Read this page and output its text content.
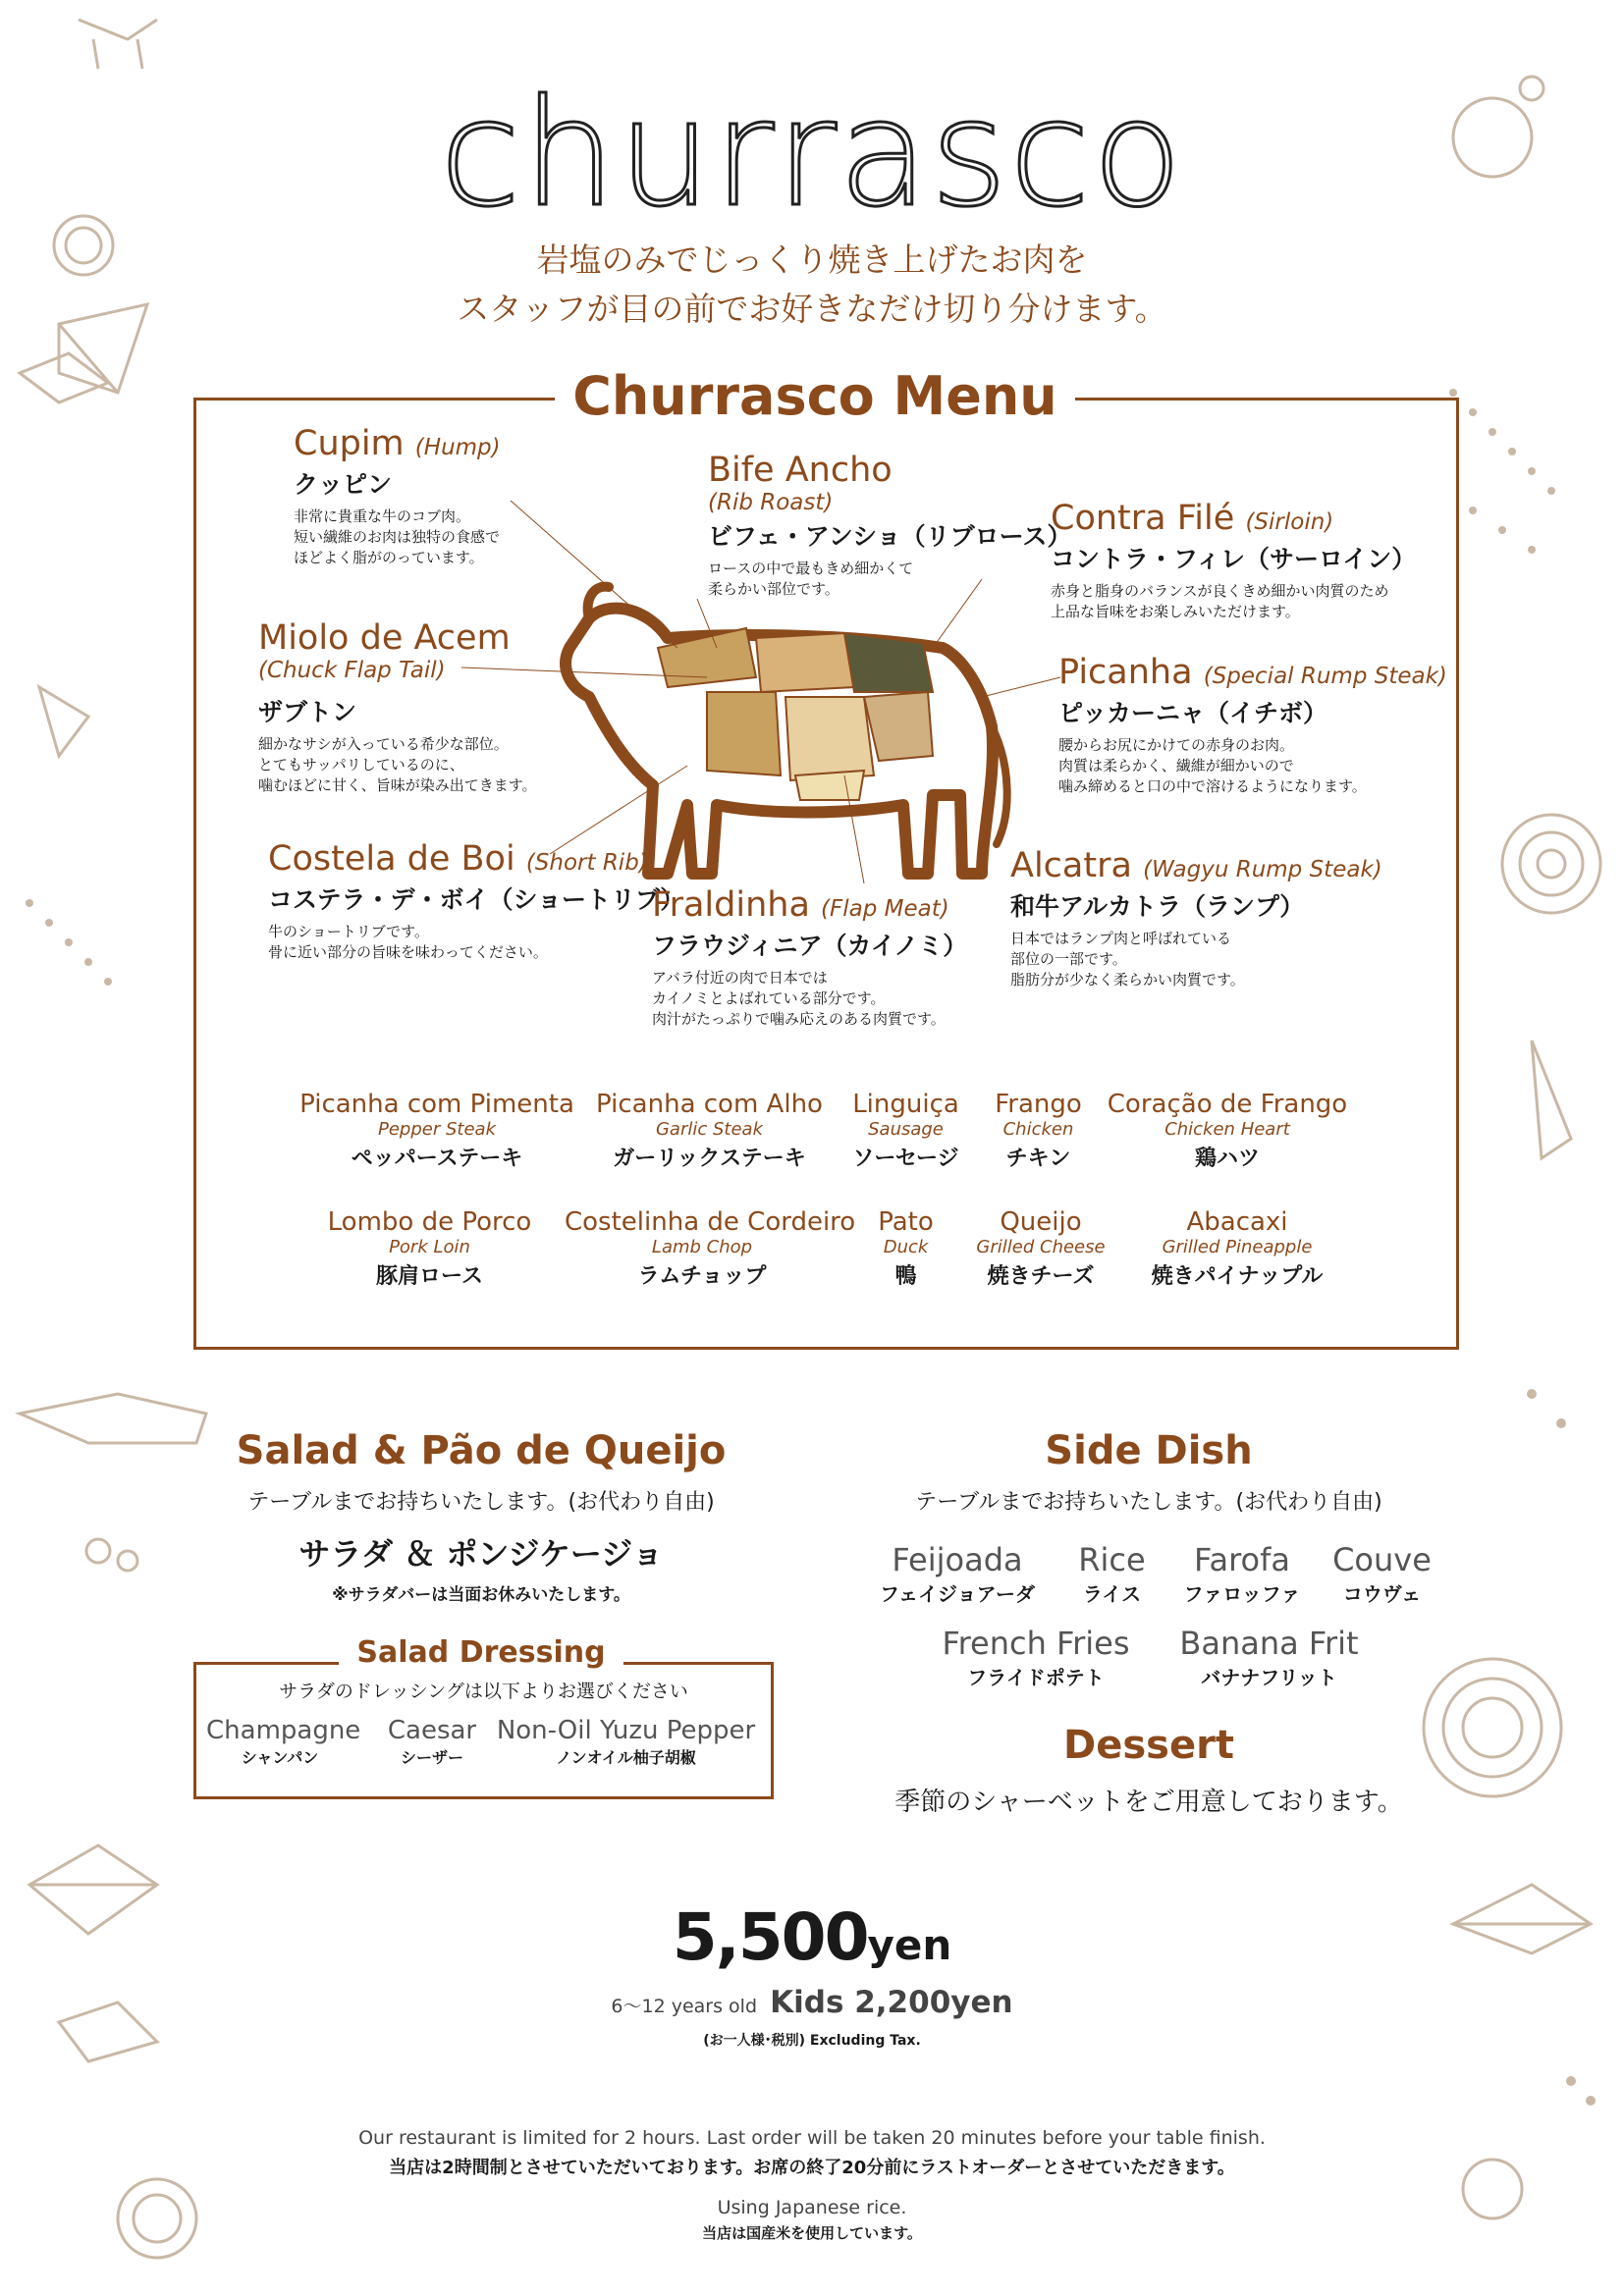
churrasco
岩塩のみでじっくり焼き上げたお肉を
スタッフが目の前でお好きなだけ切り分けます。
Churrasco Menu
Cupim (Hump)
クッピン
非常に貴重な牛のコブ肉。
短い繊維のお肉は独特の食感で
ほどよく脂がのっています。
Bife Ancho
(Rib Roast)
ビフェ・アンショ（リブロース）
ロースの中で最もきめ細かくて
柔らかい部位です。
Contra Filé (Sirloin)
コントラ・フィレ（サーロイン）
赤身と脂身のバランスが良くきめ細かい肉質のため
上品な旨味をお楽しみいただけます。
Miolo de Acem
(Chuck Flap Tail)
ザブトン
細かなサシが入っている希少な部位。
とてもサッパリしているのに、
噛むほどに甘く、旨味が染み出てきます。
Picanha (Special Rump Steak)
ピッカーニャ（イチボ）
腰からお尻にかけての赤身のお肉。
肉質は柔らかく、繊維が細かいので
噛み締めると口の中で溶けるようになります。
Costela de Boi (Short Rib)
コステラ・デ・ボイ（ショートリブ）
牛のショートリブです。
骨に近い部分の旨味を味わってください。
Fraldinha (Flap Meat)
フラウジィニア（カイノミ）
アバラ付近の肉で日本では
カイノミとよばれている部分です。
肉汁がたっぷりで噛み応えのある肉質です。
Alcatra (Wagyu Rump Steak)
和牛アルカトラ（ランプ）
日本ではランプ肉と呼ばれている
部位の一部です。
脂肪分が少なく柔らかい肉質です。
Picanha com Pimenta
Pepper Steak
ペッパーステーキ
Picanha com Alho
Garlic Steak
ガーリックステーキ
Linguiça
Sausage
ソーセージ
Frango
Chicken
チキン
Coração de Frango
Chicken Heart
鶏ハツ
Lombo de Porco
Pork Loin
豚肩ロース
Costelinha de Cordeiro
Lamb Chop
ラムチョップ
Pato
Duck
鴨
Queijo
Grilled Cheese
焼きチーズ
Abacaxi
Grilled Pineapple
焼きパイナップル
Salad & Pão de Queijo
テーブルまでお持ちいたします。(お代わり自由)
サラダ ＆ ポンジケージョ
※サラダバーは当面お休みいたします。
Salad Dressing
サラダのドレッシングは以下よりお選びください
Champagne
シャンパン
Caesar
シーザー
Non-Oil Yuzu Pepper
ノンオイル柚子胡椒
Side Dish
テーブルまでお持ちいたします。(お代わり自由)
Feijoada
フェイジョアーダ
Rice
ライス
Farofa
ファロッファ
Couve
コウヴェ
French Fries
フライドポテト
Banana Frit
バナナフリット
Dessert
季節のシャーベットをご用意しております。
5,500yen
6～12 years old Kids 2,200yen
(お一人様･税別) Excluding Tax.
Our restaurant is limited for 2 hours. Last order will be taken 20 minutes before your table finish.
当店は2時間制とさせていただいております。お席の終了20分前にラストオーダーとさせていただきます。
Using Japanese rice.
当店は国産米を使用しています。
